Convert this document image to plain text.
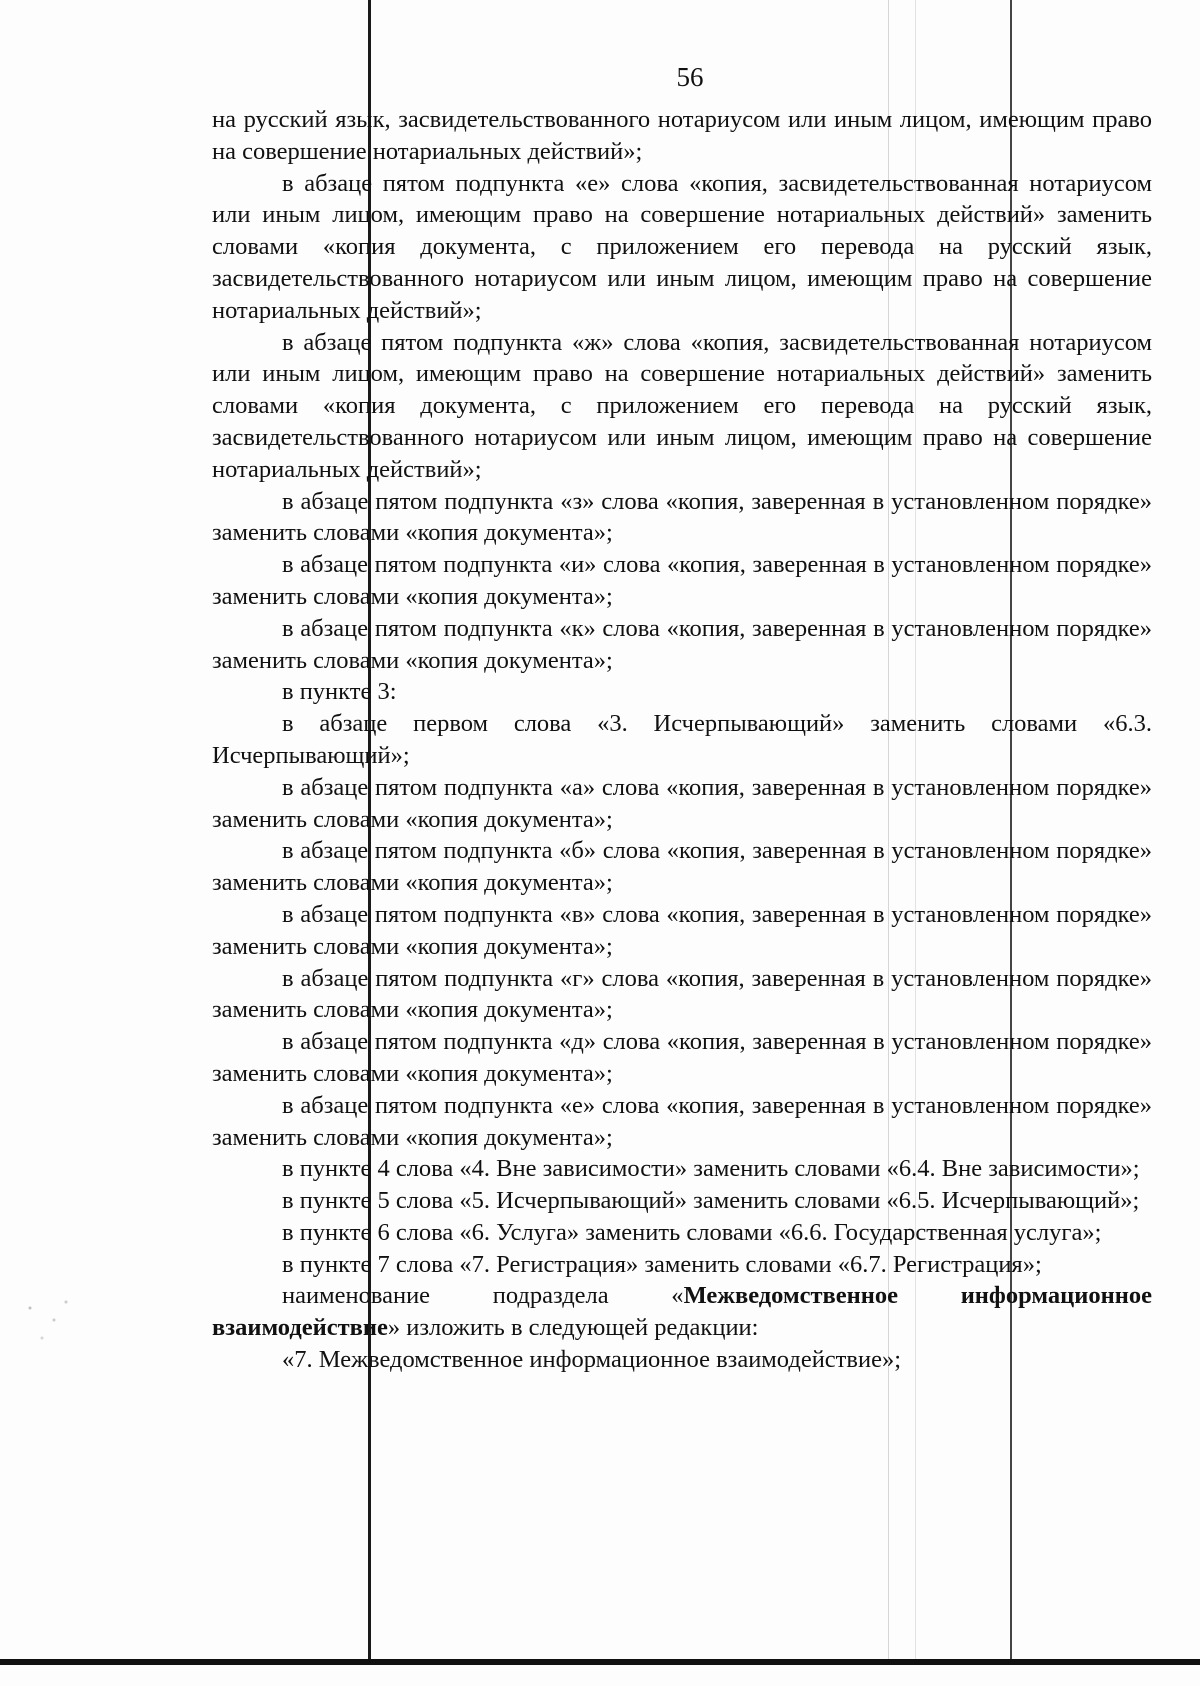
56

на русский язык, засвидетельствованного нотариусом или иным лицом, имеющим право на совершение нотариальных действий»;

в абзаце пятом подпункта «е» слова «копия, засвидетельствованная нотариусом или иным лицом, имеющим право на совершение нотариальных действий» заменить словами «копия документа, с приложением его перевода на русский язык, засвидетельствованного нотариусом или иным лицом, имеющим право на совершение нотариальных действий»;

в абзаце пятом подпункта «ж» слова «копия, засвидетельствованная нотариусом или иным лицом, имеющим право на совершение нотариальных действий» заменить словами «копия документа, с приложением его перевода на русский язык, засвидетельствованного нотариусом или иным лицом, имеющим право на совершение нотариальных действий»;

в абзаце пятом подпункта «з» слова «копия, заверенная в установленном порядке» заменить словами «копия документа»;

в абзаце пятом подпункта «и» слова «копия, заверенная в установленном порядке» заменить словами «копия документа»;

в абзаце пятом подпункта «к» слова «копия, заверенная в установленном порядке» заменить словами «копия документа»;

в пункте 3:

в абзаце первом слова «3. Исчерпывающий» заменить словами «6.3. Исчерпывающий»;

в абзаце пятом подпункта «а» слова «копия, заверенная в установленном порядке» заменить словами «копия документа»;

в абзаце пятом подпункта «б» слова «копия, заверенная в установленном порядке» заменить словами «копия документа»;

в абзаце пятом подпункта «в» слова «копия, заверенная в установленном порядке» заменить словами «копия документа»;

в абзаце пятом подпункта «г» слова «копия, заверенная в установленном порядке» заменить словами «копия документа»;

в абзаце пятом подпункта «д» слова «копия, заверенная в установленном порядке» заменить словами «копия документа»;

в абзаце пятом подпункта «е» слова «копия, заверенная в установленном порядке» заменить словами «копия документа»;

в пункте 4 слова «4. Вне зависимости» заменить словами «6.4. Вне зависимости»;

в пункте 5 слова «5. Исчерпывающий» заменить словами «6.5. Исчерпывающий»;

в пункте 6 слова «6. Услуга» заменить словами «6.6. Государственная услуга»;

в пункте 7 слова «7. Регистрация» заменить словами «6.7. Регистрация»;

наименование подраздела «Межведомственное информационное взаимодействие» изложить в следующей редакции:

«7. Межведомственное информационное взаимодействие»;
